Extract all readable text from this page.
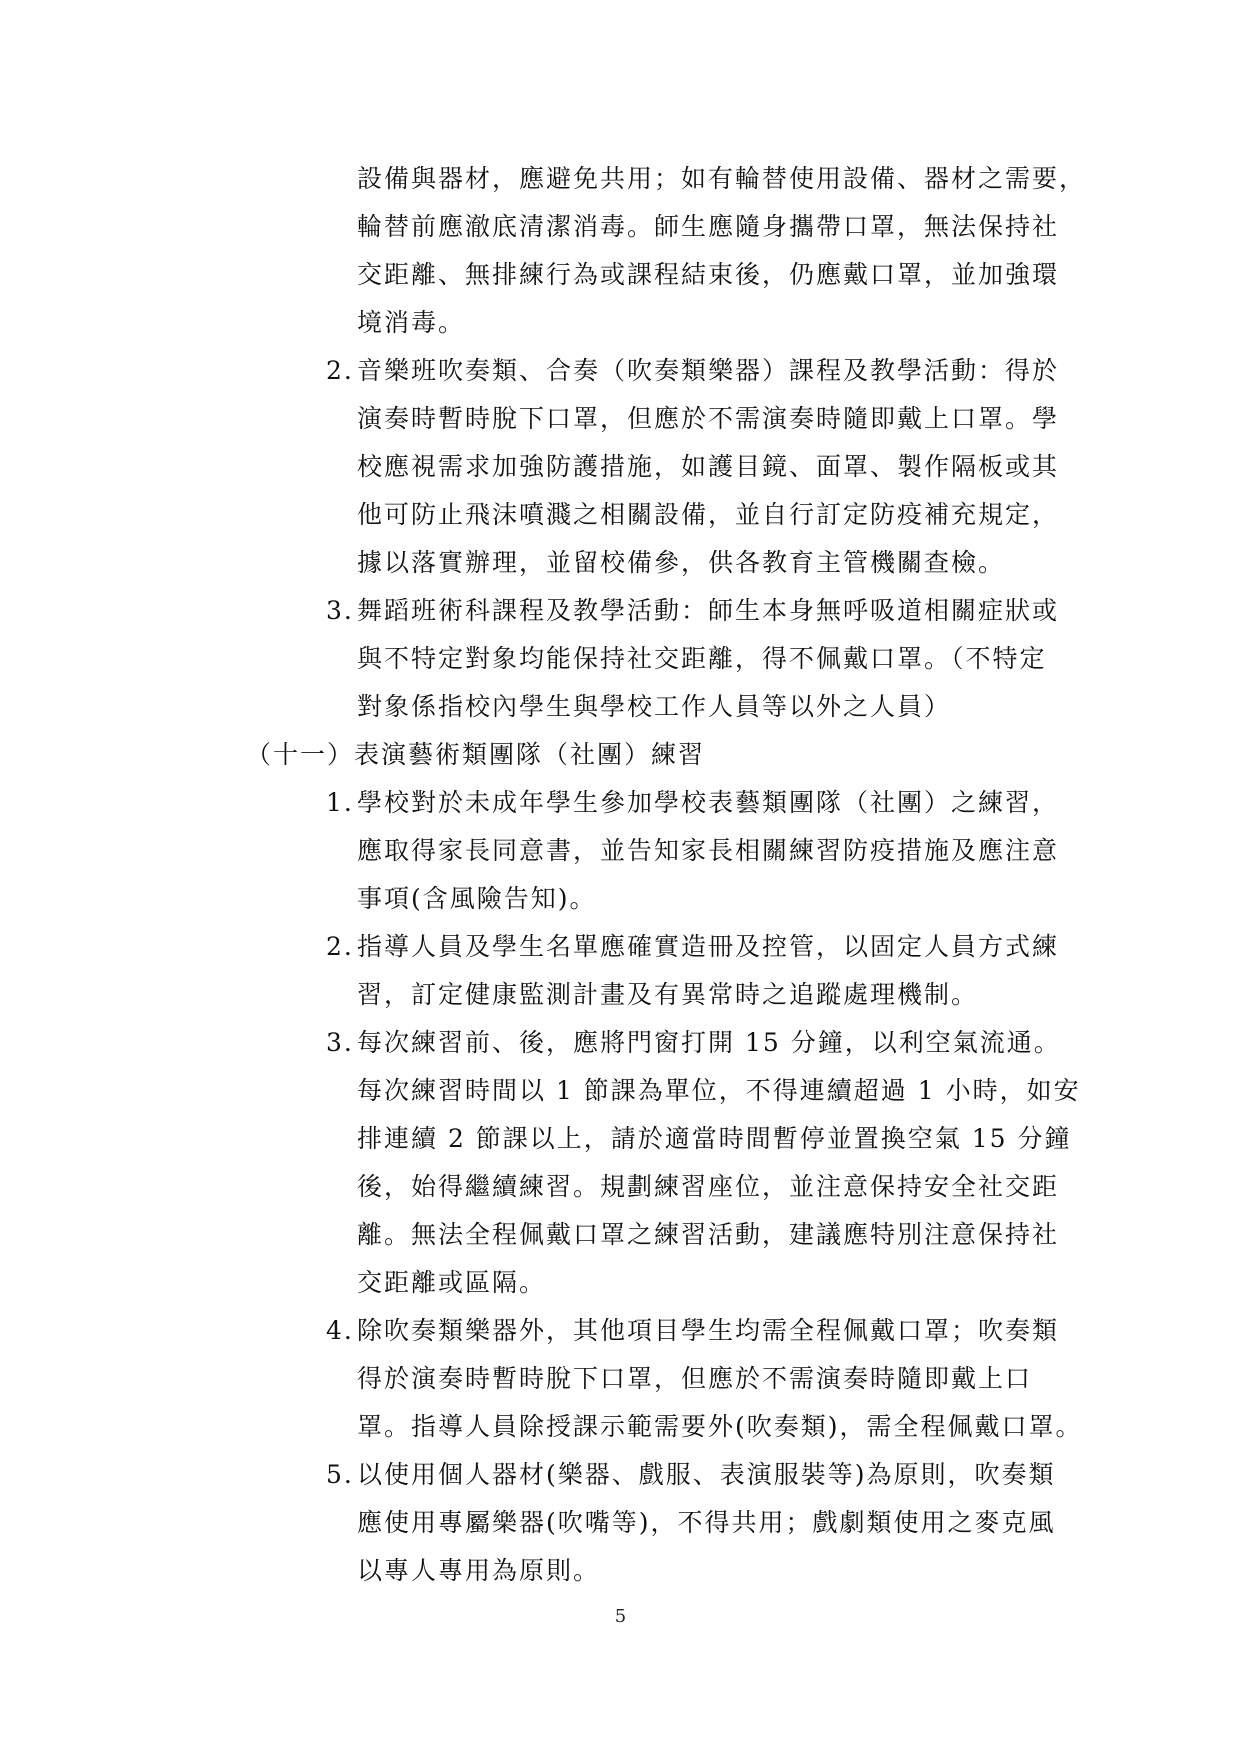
設備與器材，應避免共用；如有輪替使用設備、器材之需要，
輪替前應澈底清潔消毒。師生應隨身攜帶口罩，無法保持社
交距離、無排練行為或課程結束後，仍應戴口罩，並加強環
境消毒。
2. 音樂班吹奏類、合奏（吹奏類樂器）課程及教學活動：得於
演奏時暫時脫下口罩，但應於不需演奏時隨即戴上口罩。學
校應視需求加強防護措施，如護目鏡、面罩、製作隔板或其
他可防止飛沫噴濺之相關設備，並自行訂定防疫補充規定，
據以落實辦理，並留校備參，供各教育主管機關查檢。
3. 舞蹈班術科課程及教學活動：師生本身無呼吸道相關症狀或
與不特定對象均能保持社交距離，得不佩戴口罩。（不特定
對象係指校內學生與學校工作人員等以外之人員）
（十一）表演藝術類團隊（社團）練習
1. 學校對於未成年學生參加學校表藝類團隊（社團）之練習，
應取得家長同意書，並告知家長相關練習防疫措施及應注意
事項(含風險告知)。
2. 指導人員及學生名單應確實造冊及控管，以固定人員方式練
習，訂定健康監測計畫及有異常時之追蹤處理機制。
3. 每次練習前、後，應將門窗打開 15 分鐘，以利空氣流通。
每次練習時間以 1 節課為單位，不得連續超過 1 小時，如安
排連續 2 節課以上，請於適當時間暫停並置換空氣 15 分鐘
後，始得繼續練習。規劃練習座位，並注意保持安全社交距
離。無法全程佩戴口罩之練習活動，建議應特別注意保持社
交距離或區隔。
4. 除吹奏類樂器外，其他項目學生均需全程佩戴口罩；吹奏類
得於演奏時暫時脫下口罩，但應於不需演奏時隨即戴上口
罩。指導人員除授課示範需要外(吹奏類)，需全程佩戴口罩。
5. 以使用個人器材(樂器、戲服、表演服裝等)為原則，吹奏類
應使用專屬樂器(吹嘴等)，不得共用；戲劇類使用之麥克風
以專人專用為原則。
5
